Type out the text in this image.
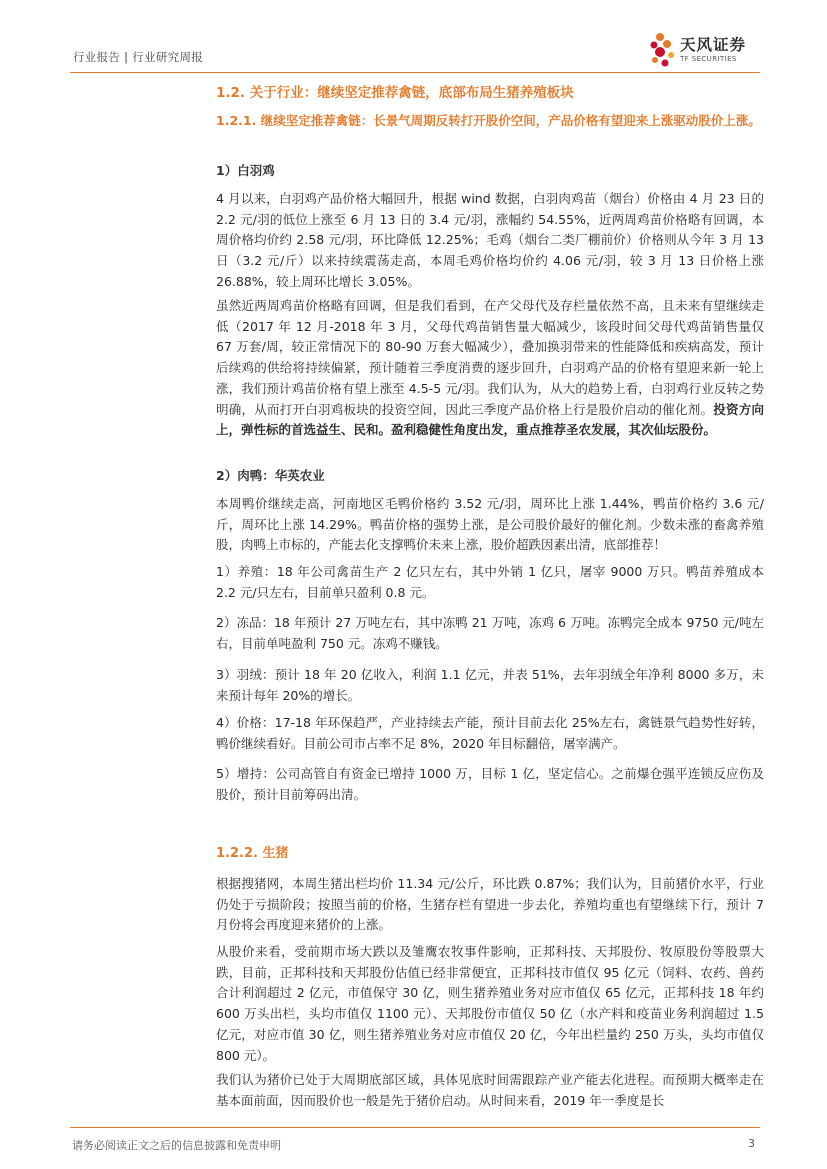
行业报告 | 行业研究周报
天风证券
TF SECURITIES
1.2. 关于行业：继续坚定推荐禽链，底部布局生猪养殖板块
1.2.1. 继续坚定推荐禽链：长景气周期反转打开股价空间，产品价格有望迎来上涨驱动股价上涨。
1）白羽鸡
4 月以来，白羽鸡产品价格大幅回升，根据 wind 数据，白羽肉鸡苗（烟台）价格由 4 月 23 日的 2.2 元/羽的低位上涨至 6 月 13 日的 3.4 元/羽，涨幅约 54.55%，近两周鸡苗价格略有回调，本周价格均价约 2.58 元/羽，环比降低 12.25%；毛鸡（烟台二类厂棚前价）价格则从今年 3 月 13 日（3.2 元/斤）以来持续震荡走高，本周毛鸡价格均价约 4.06 元/羽，较 3 月 13 日价格上涨 26.88%，较上周环比增长 3.05%。
虽然近两周鸡苗价格略有回调，但是我们看到，在产父母代及存栏量依然不高，且未来有望继续走低（2017 年 12 月-2018 年 3 月，父母代鸡苗销售量大幅减少，该段时间父母代鸡苗销售量仅 67 万套/周，较正常情况下的 80-90 万套大幅减少），叠加换羽带来的性能降低和疾病高发，预计后续鸡的供给将持续偏紧，预计随着三季度消费的逐步回升，白羽鸡产品的价格有望迎来新一轮上涨，我们预计鸡苗价格有望上涨至 4.5-5 元/羽。我们认为，从大的趋势上看，白羽鸡行业反转之势明确，从而打开白羽鸡板块的投资空间，因此三季度产品价格上行是股价启动的催化剂。投资方向上，弹性标的首选益生、民和。盈利稳健性角度出发，重点推荐圣农发展，其次仙坛股份。
2）肉鸭：华英农业
本周鸭价继续走高，河南地区毛鸭价格约 3.52 元/羽，周环比上涨 1.44%，鸭苗价格约 3.6 元/斤，周环比上涨 14.29%。鸭苗价格的强势上涨，是公司股价最好的催化剂。少数未涨的畜禽养殖股，肉鸭上市标的，产能去化支撑鸭价未来上涨，股价超跌因素出清，底部推荐！
1）养殖：18 年公司禽苗生产 2 亿只左右，其中外销 1 亿只，屠宰 9000 万只。鸭苗养殖成本 2.2 元/只左右，目前单只盈利 0.8 元。
2）冻品：18 年预计 27 万吨左右，其中冻鸭 21 万吨，冻鸡 6 万吨。冻鸭完全成本 9750 元/吨左右，目前单吨盈利 750 元。冻鸡不赚钱。
3）羽绒：预计 18 年 20 亿收入，利润 1.1 亿元，并表 51%，去年羽绒全年净利 8000 多万，未来预计每年 20%的增长。
4）价格：17-18 年环保趋严，产业持续去产能，预计目前去化 25%左右，禽链景气趋势性好转，鸭价继续看好。目前公司市占率不足 8%，2020 年目标翻倍，屠宰满产。
5）增持：公司高管自有资金已增持 1000 万，目标 1 亿，坚定信心。之前爆仓强平连锁反应伤及股价，预计目前筹码出清。
1.2.2. 生猪
根据搜猪网，本周生猪出栏均价 11.34 元/公斤，环比跌 0.87%；我们认为，目前猪价水平，行业仍处于亏损阶段；按照当前的价格，生猪存栏有望进一步去化，养殖均重也有望继续下行，预计 7 月份将会再度迎来猪价的上涨。
从股价来看，受前期市场大跌以及雏鹰农牧事件影响，正邦科技、天邦股份、牧原股份等股票大跌，目前，正邦科技和天邦股份估值已经非常便宜，正邦科技市值仅 95 亿元（饲料、农药、兽药合计利润超过 2 亿元，市值保守 30 亿，则生猪养殖业务对应市值仅 65 亿元，正邦科技 18 年约 600 万头出栏，头均市值仅 1100 元）、天邦股份市值仅 50 亿（水产料和疫苗业务利润超过 1.5 亿元，对应市值 30 亿，则生猪养殖业务对应市值仅 20 亿，今年出栏量约 250 万头，头均市值仅 800 元）。
我们认为猪价已处于大周期底部区域，具体见底时间需跟踪产业产能去化进程。而预期大概率走在基本面前面，因而股价也一般是先于猪价启动。从时间来看，2019 年一季度是长
请务必阅读正文之后的信息披露和免责申明	3
